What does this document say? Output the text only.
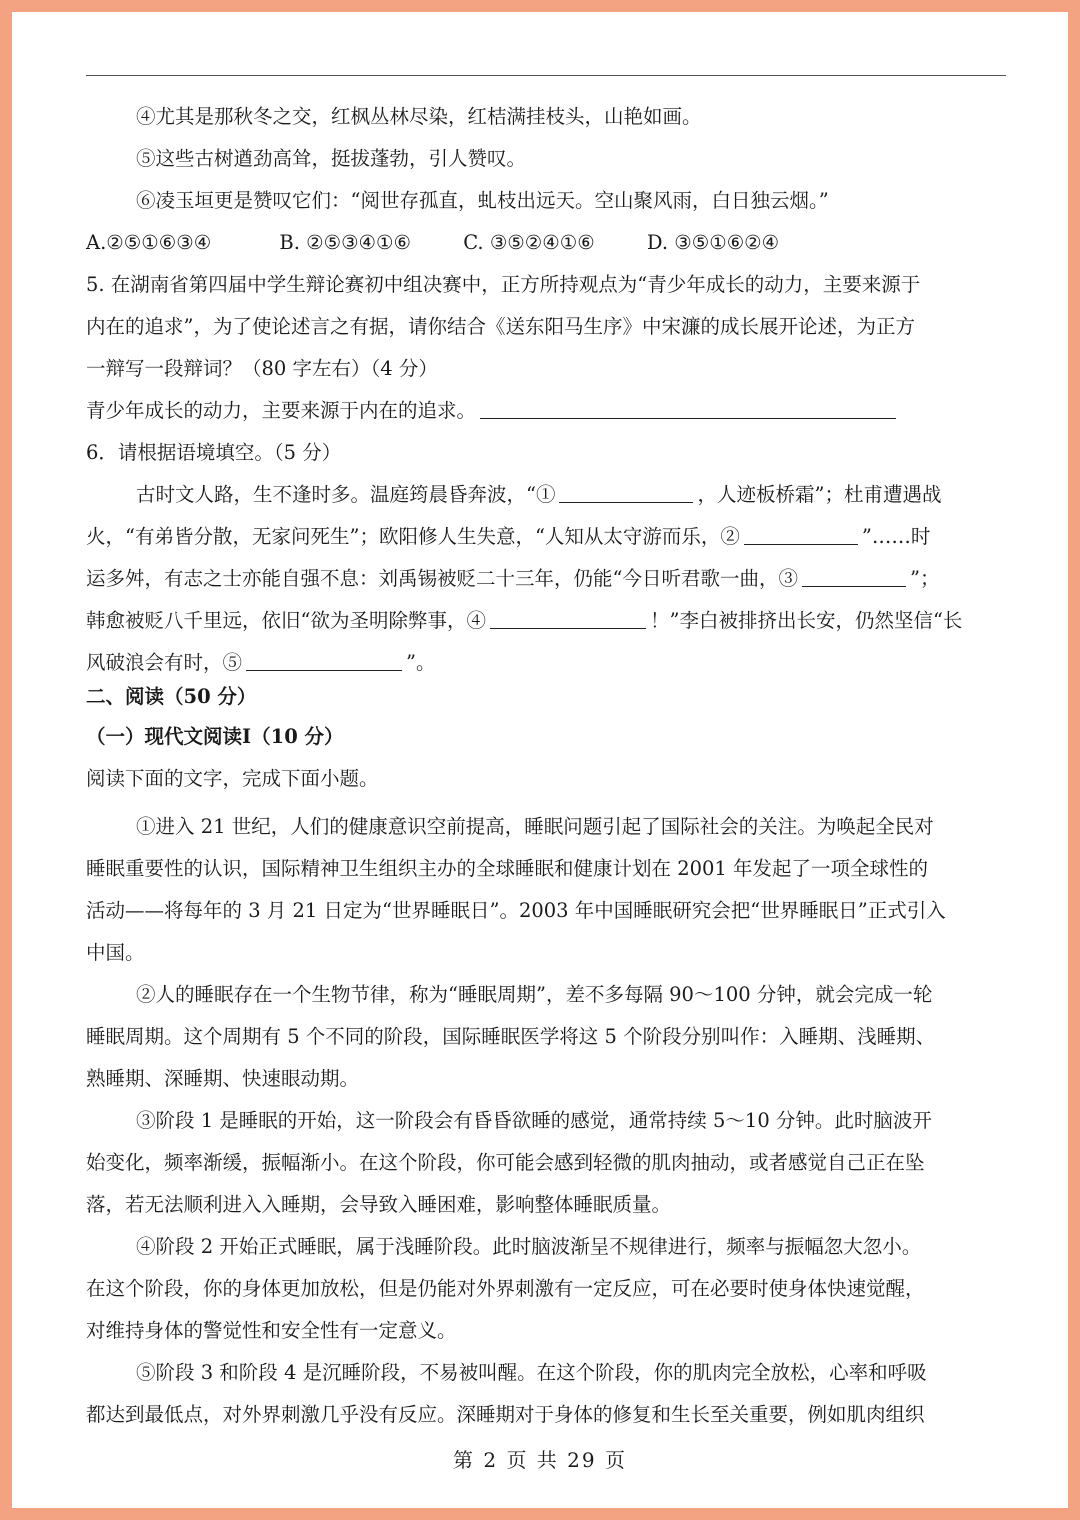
④尤其是那秋冬之交，红枫丛林尽染，红桔满挂枝头，山艳如画。
⑤这些古树遒劲高耸，挺拔蓬勃，引人赞叹。
⑥凌玉垣更是赞叹它们：“阅世存孤直，虬枝出远天。空山聚风雨，白日独云烟。”
A.②⑤①⑥③④	B. ②⑤③④①⑥	C. ③⑤②④①⑥	D. ③⑤①⑥②④
5. 在湖南省第四届中学生辩论赛初中组决赛中，正方所持观点为“青少年成长的动力，主要来源于
内在的追求”，为了使论述言之有据，请你结合《送东阳马生序》中宋濂的成长展开论述，为正方
一辩写一段辩词？（80 字左右）（4 分）
青少年成长的动力，主要来源于内在的追求。
6．请根据语境填空。（5 分）
古时文人路，生不逢时多。温庭筠晨昏奔波，“①	，人迹板桥霜”；杜甫遭遇战
火，“有弟皆分散，无家问死生”；欧阳修人生失意，“人知从太守游而乐，②	”……时
运多舛，有志之士亦能自强不息：刘禹锡被贬二十三年，仍能“今日听君歌一曲，③	”；
韩愈被贬八千里远，依旧“欲为圣明除弊事，④	！”李白被排挤出长安，仍然坚信“长
风破浪会有时，⑤	”。
二、阅读（50 分）
（一）现代文阅读Ⅰ（10 分）
阅读下面的文字，完成下面小题。
①进入 21 世纪，人们的健康意识空前提高，睡眠问题引起了国际社会的关注。为唤起全民对
睡眠重要性的认识，国际精神卫生组织主办的全球睡眠和健康计划在 2001 年发起了一项全球性的
活动——将每年的 3 月 21 日定为“世界睡眠日”。2003 年中国睡眠研究会把“世界睡眠日”正式引入
中国。
②人的睡眠存在一个生物节律，称为“睡眠周期”，差不多每隔 90～100 分钟，就会完成一轮
睡眠周期。这个周期有 5 个不同的阶段，国际睡眠医学将这 5 个阶段分别叫作：入睡期、浅睡期、
熟睡期、深睡期、快速眼动期。
③阶段 1 是睡眠的开始，这一阶段会有昏昏欲睡的感觉，通常持续 5～10 分钟。此时脑波开
始变化，频率渐缓，振幅渐小。在这个阶段，你可能会感到轻微的肌肉抽动，或者感觉自己正在坠
落，若无法顺利进入入睡期，会导致入睡困难，影响整体睡眠质量。
④阶段 2 开始正式睡眠，属于浅睡阶段。此时脑波渐呈不规律进行，频率与振幅忽大忽小。
在这个阶段，你的身体更加放松，但是仍能对外界刺激有一定反应，可在必要时使身体快速觉醒，
对维持身体的警觉性和安全性有一定意义。
⑤阶段 3 和阶段 4 是沉睡阶段，不易被叫醒。在这个阶段，你的肌肉完全放松，心率和呼吸
都达到最低点，对外界刺激几乎没有反应。深睡期对于身体的修复和生长至关重要，例如肌肉组织
第 2 页 共 29 页
